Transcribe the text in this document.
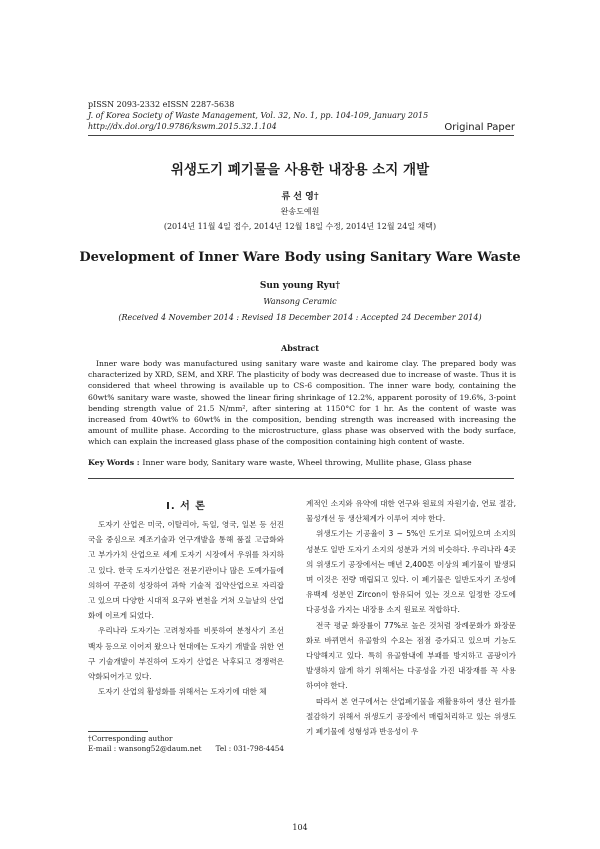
pISSN 2093-2332 eISSN 2287-5638
J. of Korea Society of Waste Management, Vol. 32, No. 1, pp. 104-109, January 2015
http://dx.doi.org/10.9786/kswm.2015.32.1.104	Original Paper
위생도기 폐기물을 사용한 내장용 소지 개발
류 선 영†
완송도예원
(2014년 11월 4일 접수, 2014년 12월 18일 수정, 2014년 12월 24일 채택)
Development of Inner Ware Body using Sanitary Ware Waste
Sun young Ryu†
Wansong Ceramic
(Received 4 November 2014 : Revised 18 December 2014 : Accepted 24 December 2014)
Abstract
Inner ware body was manufactured using sanitary ware waste and kairome clay. The prepared body was characterized by XRD, SEM, and XRF. The plasticity of body was decreased due to increase of waste. Thus it is considered that wheel throwing is available up to CS-6 composition. The inner ware body, containing the 60wt% sanitary ware waste, showed the linear firing shrinkage of 12.2%, apparent porosity of 19.6%, 3-point bending strength value of 21.5 N/mm², after sintering at 1150°C for 1 hr. As the content of waste was increased from 40wt% to 60wt% in the composition, bending strength was increased with increasing the amount of mullite phase. According to the microstructure, glass phase was observed with the body surface, which can explain the increased glass phase of the composition containing high content of waste.
Key Words : Inner ware body, Sanitary ware waste, Wheel throwing, Mullite phase, Glass phase
I. 서 론

도자기 산업은 미국, 이탈리아, 독일, 영국, 일본 등 선진국을 중심으로 제조기술과 연구개발을 통해 품질 고급화와 고 부가가치 산업으로 세계 도자기 시장에서 우위를 차지하고 있다. 한국 도자기산업은 전문기관이나 많은 도예가들에 의하여 꾸준히 성장하여 과학 기술적 집약산업으로 자리잡고 있으며 다양한 시대적 요구와 변천을 거쳐 오늘날의 산업화에 이르게 되었다.

우리나라 도자기는 고려청자를 비롯하여 분청사기 조선백자 등으로 이어져 왔으나 현대에는 도자기 개발을 위한 연구 기술개발이 부진하여 도자기 산업은 낙후되고 경쟁력은 약화되어가고 있다.

도자기 산업의 활성화를 위해서는 도자기에 대한 체

계적인 소지와 유약에 대한 연구와 원료의 자원기술, 연료 절감, 물성개선 등 생산체계가 이루어 져야 한다.

위생도기는 기공율이 3 ~ 5%인 도기로 되어있으며 소지의 성분도 일반 도자기 소지의 성분과 거의 비슷하다. 우리나라 4곳의 위생도기 공장에서는 매년 2,400톤 이상의 폐기물이 발생되며 이것은 전량 매립되고 있다. 이 폐기물은 일반도자기 조성에 유백제 성분인 Zircon이 함유되어 있는 것으로 일정한 강도에 다공성을 가지는 내장용 소지 원료로 적합하다.

전국 평균 화장률이 77%로 높은 것처럼 장례문화가 화장문화로 바뀌면서 유골함의 수요는 점점 증가되고 있으며 기능도 다양해지고 있다. 특히 유골함내에 부패를 방지하고 곰팡이가 발생하지 않게 하기 위해서는 다공성을 가진 내장재를 꼭 사용하여야 한다.

따라서 본 연구에서는 산업폐기물을 재활용하여 생산 원가를 절감하기 위해서 위생도기 공장에서 매립처리하고 있는 위생도기 폐기물에 성형성과 반응성이 우

†Corresponding author
E-mail : wansong52@daum.net Tel : 031-798-4454
104
